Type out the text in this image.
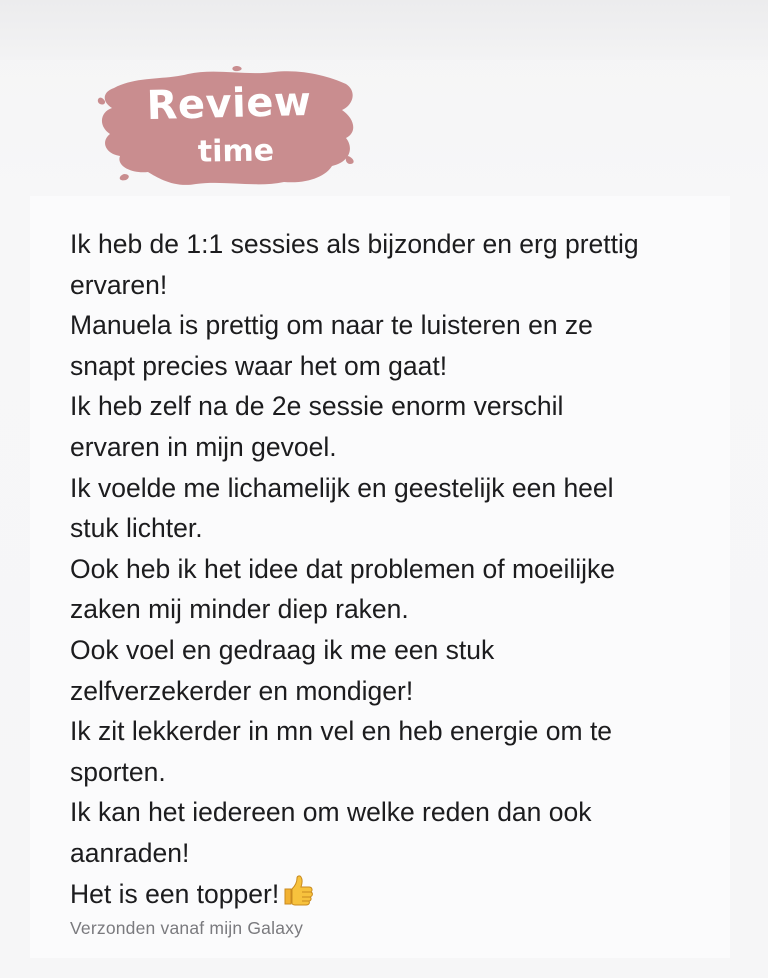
Review
time
Ik heb de 1:1 sessies als bijzonder en erg prettig
ervaren!
Manuela is prettig om naar te luisteren en ze
snapt precies waar het om gaat!
Ik heb zelf na de 2e sessie enorm verschil
ervaren in mijn gevoel.
Ik voelde me lichamelijk en geestelijk een heel
stuk lichter.
Ook heb ik het idee dat problemen of moeilijke
zaken mij minder diep raken.
Ook voel en gedraag ik me een stuk
zelfverzekerder en mondiger!
Ik zit lekkerder in mn vel en heb energie om te
sporten.
Ik kan het iedereen om welke reden dan ook
aanraden!
Het is een topper!
Verzonden vanaf mijn Galaxy
